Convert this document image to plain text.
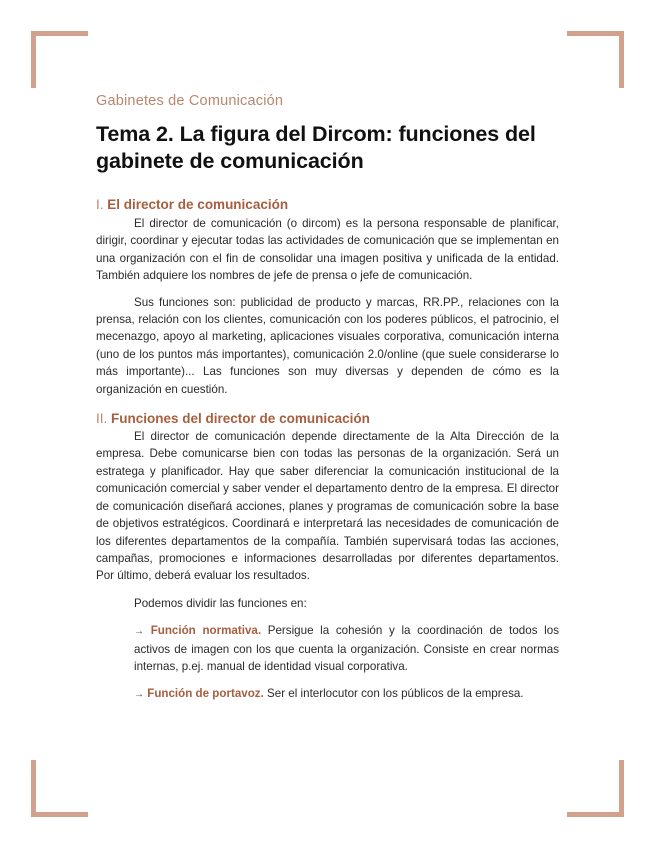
Gabinetes de Comunicación
Tema 2. La figura del Dircom: funciones del gabinete de comunicación
I. El director de comunicación

El director de comunicación (o dircom) es la persona responsable de planificar, dirigir, coordinar y ejecutar todas las actividades de comunicación que se implementan en una organización con el fin de consolidar una imagen positiva y unificada de la entidad. También adquiere los nombres de jefe de prensa o jefe de comunicación.

Sus funciones son: publicidad de producto y marcas, RR.PP., relaciones con la prensa, relación con los clientes, comunicación con los poderes públicos, el patrocinio, el mecenazgo, apoyo al marketing, aplicaciones visuales corporativa, comunicación interna (uno de los puntos más importantes), comunicación 2.0/online (que suele considerarse lo más importante)... Las funciones son muy diversas y dependen de cómo es la organización en cuestión.

II. Funciones del director de comunicación

El director de comunicación depende directamente de la Alta Dirección de la empresa. Debe comunicarse bien con todas las personas de la organización. Será un estratega y planificador. Hay que saber diferenciar la comunicación institucional de la comunicación comercial y saber vender el departamento dentro de la empresa. El director de comunicación diseñará acciones, planes y programas de comunicación sobre la base de objetivos estratégicos. Coordinará e interpretará las necesidades de comunicación de los diferentes departamentos de la compañía. También supervisará todas las acciones, campañas, promociones e informaciones desarrolladas por diferentes departamentos. Por último, deberá evaluar los resultados.

Podemos dividir las funciones en:

→ Función normativa. Persigue la cohesión y la coordinación de todos los activos de imagen con los que cuenta la organización. Consiste en crear normas internas, p.ej. manual de identidad visual corporativa.

→ Función de portavoz. Ser el interlocutor con los públicos de la empresa.
